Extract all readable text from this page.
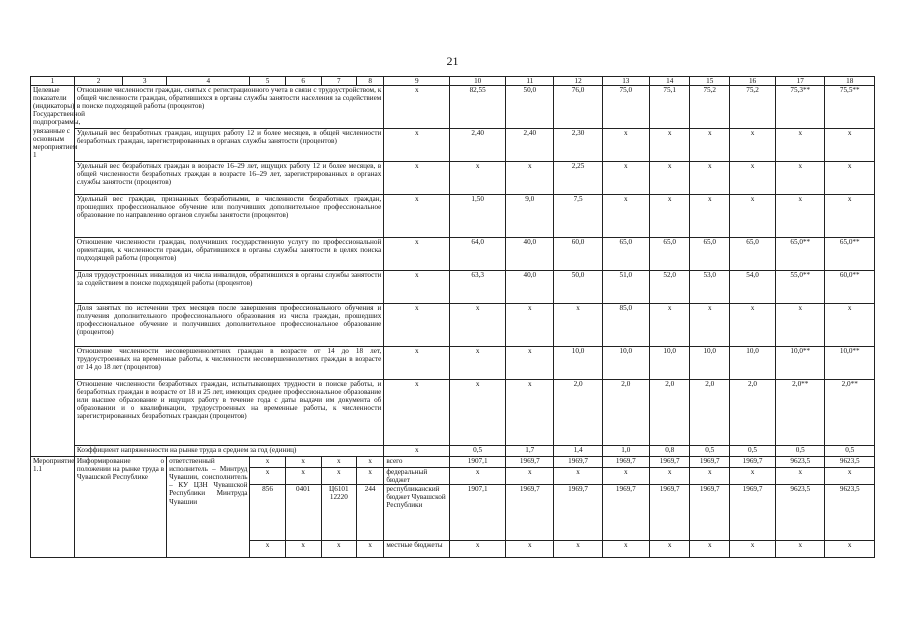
21
1	2	3	4	5	6	7	8	9	10	11	12	13	14	15	16	17	18
Целевые показатели (индикаторы) Государственной подпрограммы, увязанные с основным мероприятием 1	Отношение численности граждан, снятых с регистрационного учета в связи с трудоустройством, к общей численности граждан, обратившихся в органы службы занятости населения за содействием в поиске подходящей работы (процентов)							x	82,55	50,0	76,0	75,0	75,1	75,2	75,2	75,3**	75,5**
	Удельный вес безработных граждан, ищущих работу 12 и более месяцев, в общей численности безработных граждан, зарегистрированных в органах службы занятости (процентов)							x	2,40	2,40	2,30	x	x	x	x	x	x
	Удельный вес безработных граждан в возрасте 16–29 лет, ищущих работу 12 и более месяцев, в общей численности безработных граждан в возрасте 16–29 лет, зарегистрированных в органах службы занятости (процентов)							x	x	x	2,25	x	x	x	x	x	x
	Удельный вес граждан, признанных безработными, в численности безработных граждан, прошедших профессиональное обучение или получивших дополнительное профессиональное образование по направлению органов службы занятости (процентов)							x	1,50	9,0	7,5	x	x	x	x	x	x
	Отношение численности граждан, получивших государственную услугу по профессиональной ориентации, к численности граждан, обратившихся в органы службы занятости в целях поиска подходящей работы (процентов)							x	64,0	40,0	60,0	65,0	65,0	65,0	65,0	65,0**	65,0**
	Доля трудоустроенных инвалидов из числа инвалидов, обратившихся в органы службы занятости за содействием в поиске подходящей работы (процентов)							x	63,3	40,0	50,0	51,0	52,0	53,0	54,0	55,0**	60,0**
	Доля занятых по истечении трех месяцев после завершения профессионального обучения и получения дополнительного профессионального образования из числа граждан, прошедших профессиональное обучение и получивших дополнительное профессиональное образование (процентов)							x	x	x	x	85,0	x	x	x	x	x
	Отношение численности несовершеннолетних граждан в возрасте от 14 до 18 лет, трудоустроенных на временные работы, к численности несовершеннолетних граждан в возрасте от 14 до 18 лет (процентов)							x	x	x	10,0	10,0	10,0	10,0	10,0	10,0**	10,0**
	Отношение численности безработных граждан, испытывающих трудности в поиске работы, и безработных граждан в возрасте от 18 и 25 лет, имеющих среднее профессиональное образование или высшее образование и ищущих работу в течение года с даты выдачи им документа об образовании и о квалификации, трудоустроенных на временные работы, к численности зарегистрированных безработных граждан (процентов)							x	x	x	2,0	2,0	2,0	2,0	2,0	2,0**	2,0**
	Коэффициент напряженности на рынке труда в среднем за год (единиц)							x	0,5	1,7	1,4	1,0	0,8	0,5	0,5	0,5	0,5
Мероприятие 1.1	Информирование о положении на рынке труда в Чувашской Республике		ответственный исполнитель – Минтруд Чувашии, соисполнитель – КУ ЦЗН Чувашской Республики Минтруда Чувашии	x	x	x	x	всего	1907,1	1969,7	1969,7	1969,7	1969,7	1969,7	1969,7	9623,5	9623,5
				x	x	x	x	федеральный бюджет	x	x	x	x	x	x	x	x	x
				856	0401	Ц6101 12220	244	республиканский бюджет Чувашской Республики	1907,1	1969,7	1969,7	1969,7	1969,7	1969,7	1969,7	9623,5	9623,5
				x	x	x	x	местные бюджеты	x	x	x	x	x	x	x	x	x
